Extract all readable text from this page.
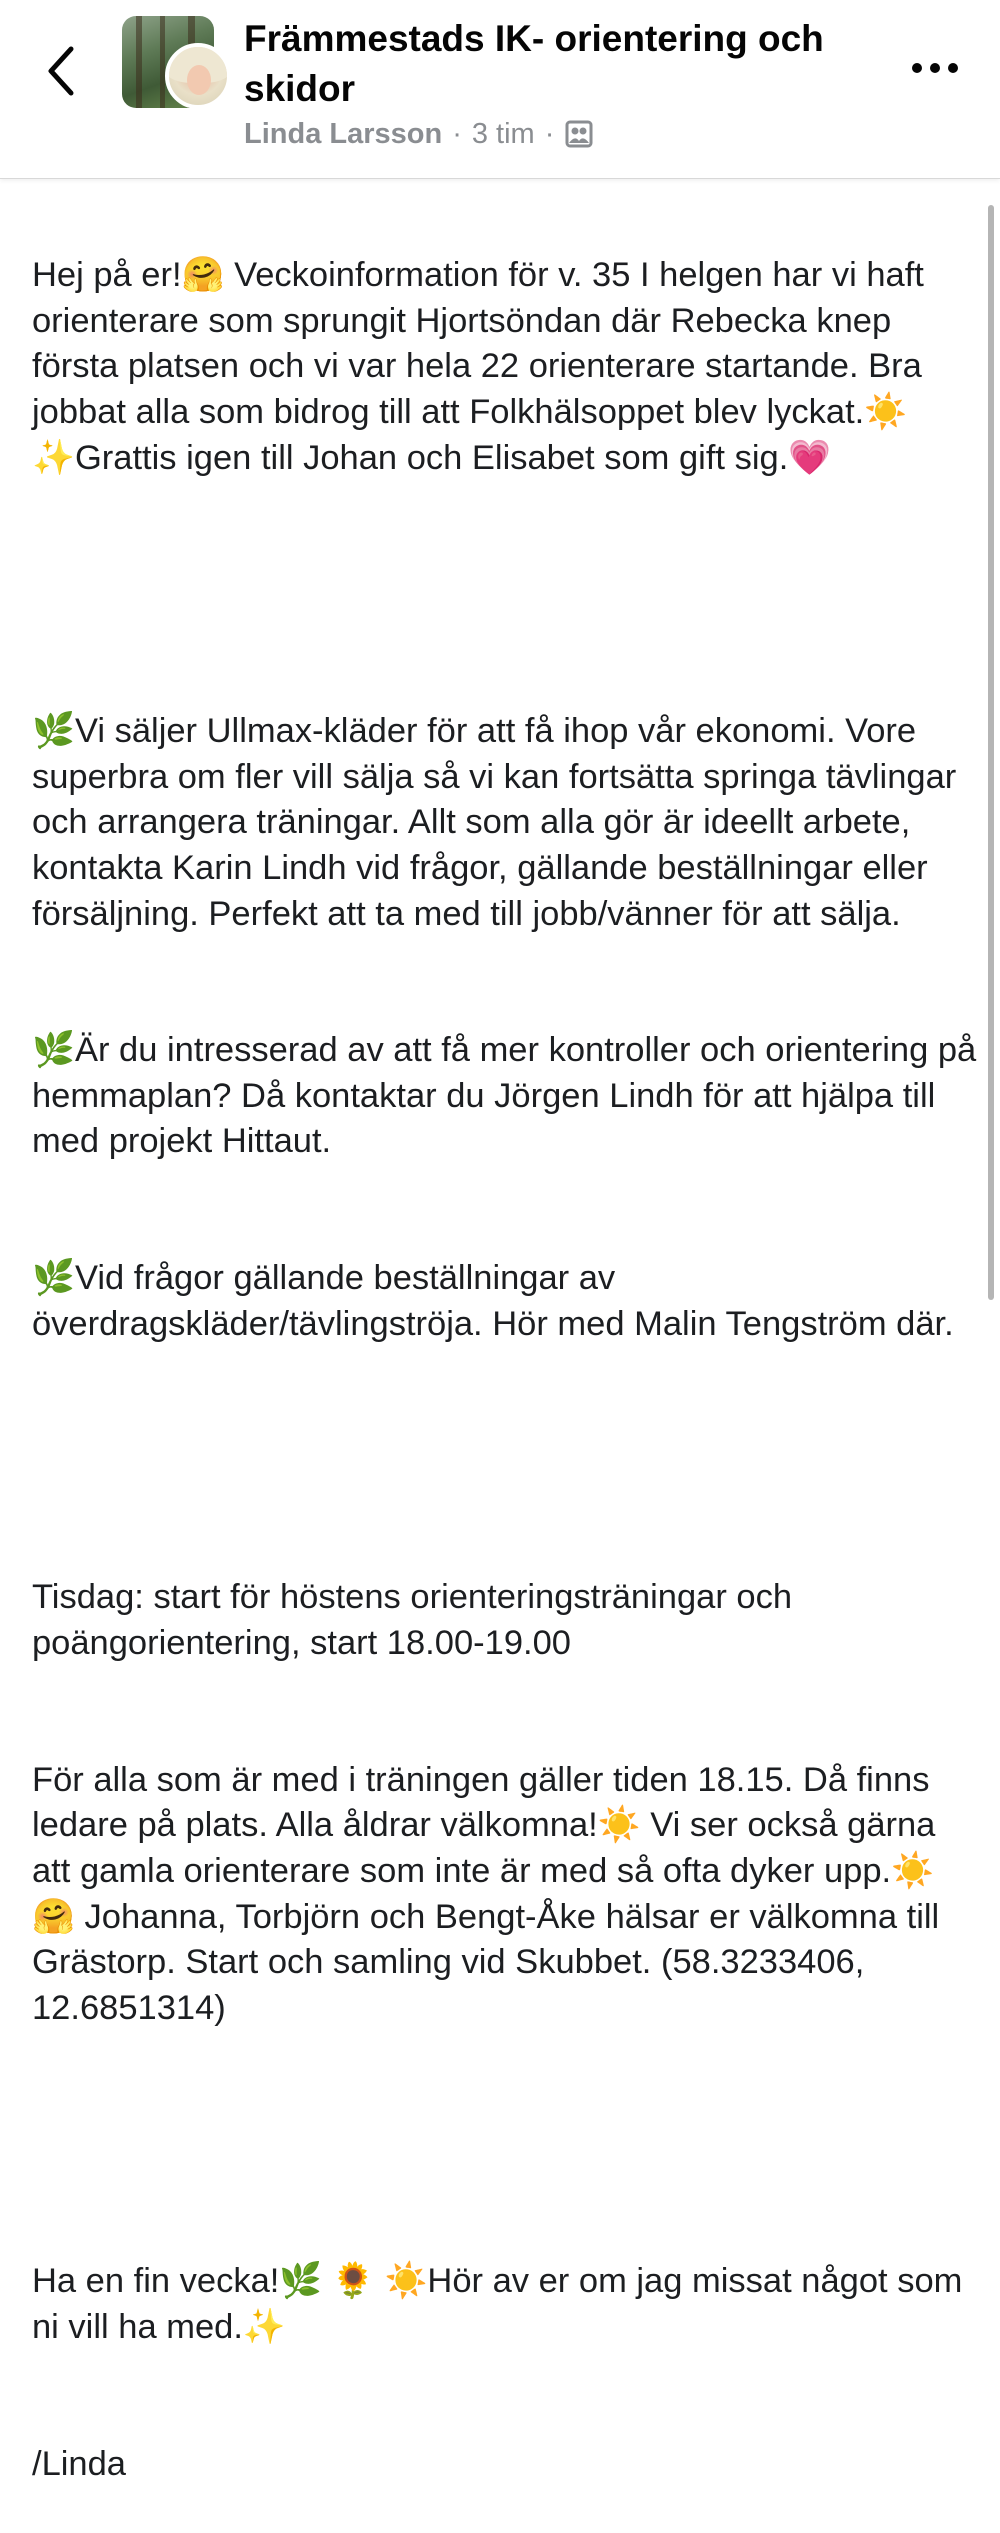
Främmestads IK- orientering och skidor
Linda Larsson · 3 tim ·

Hej på er!🤗 Veckoinformation för v. 35 I helgen har vi haft orienterare som sprungit Hjortsöndan där Rebecka knep första platsen och vi var hela 22 orienterare startande. Bra jobbat alla som bidrog till att Folkhälsoppet blev lyckat.☀️ ✨Grattis igen till Johan och Elisabet som gift sig.💗

🌿Vi säljer Ullmax-kläder för att få ihop vår ekonomi. Vore superbra om fler vill sälja så vi kan fortsätta springa tävlingar och arrangera träningar. Allt som alla gör är ideellt arbete, kontakta Karin Lindh vid frågor, gällande beställningar eller försäljning. Perfekt att ta med till jobb/vänner för att sälja.

🌿Är du intresserad av att få mer kontroller och orientering på hemmaplan? Då kontaktar du Jörgen Lindh för att hjälpa till med projekt Hittaut.

🌿Vid frågor gällande beställningar av överdragskläder/tävlingströja. Hör med Malin Tengström där.

Tisdag: start för höstens orienteringsträningar och poängorientering, start 18.00-19.00

För alla som är med i träningen gäller tiden 18.15. Då finns ledare på plats. Alla åldrar välkomna!☀️ Vi ser också gärna att gamla orienterare som inte är med så ofta dyker upp.☀️ 🤗 Johanna, Torbjörn och Bengt-Åke hälsar er välkomna till Grästorp. Start och samling vid Skubbet. (58.3233406, 12.6851314)

Ha en fin vecka!🌿 🌻 ☀️Hör av er om jag missat något som ni vill ha med.✨

/Linda
